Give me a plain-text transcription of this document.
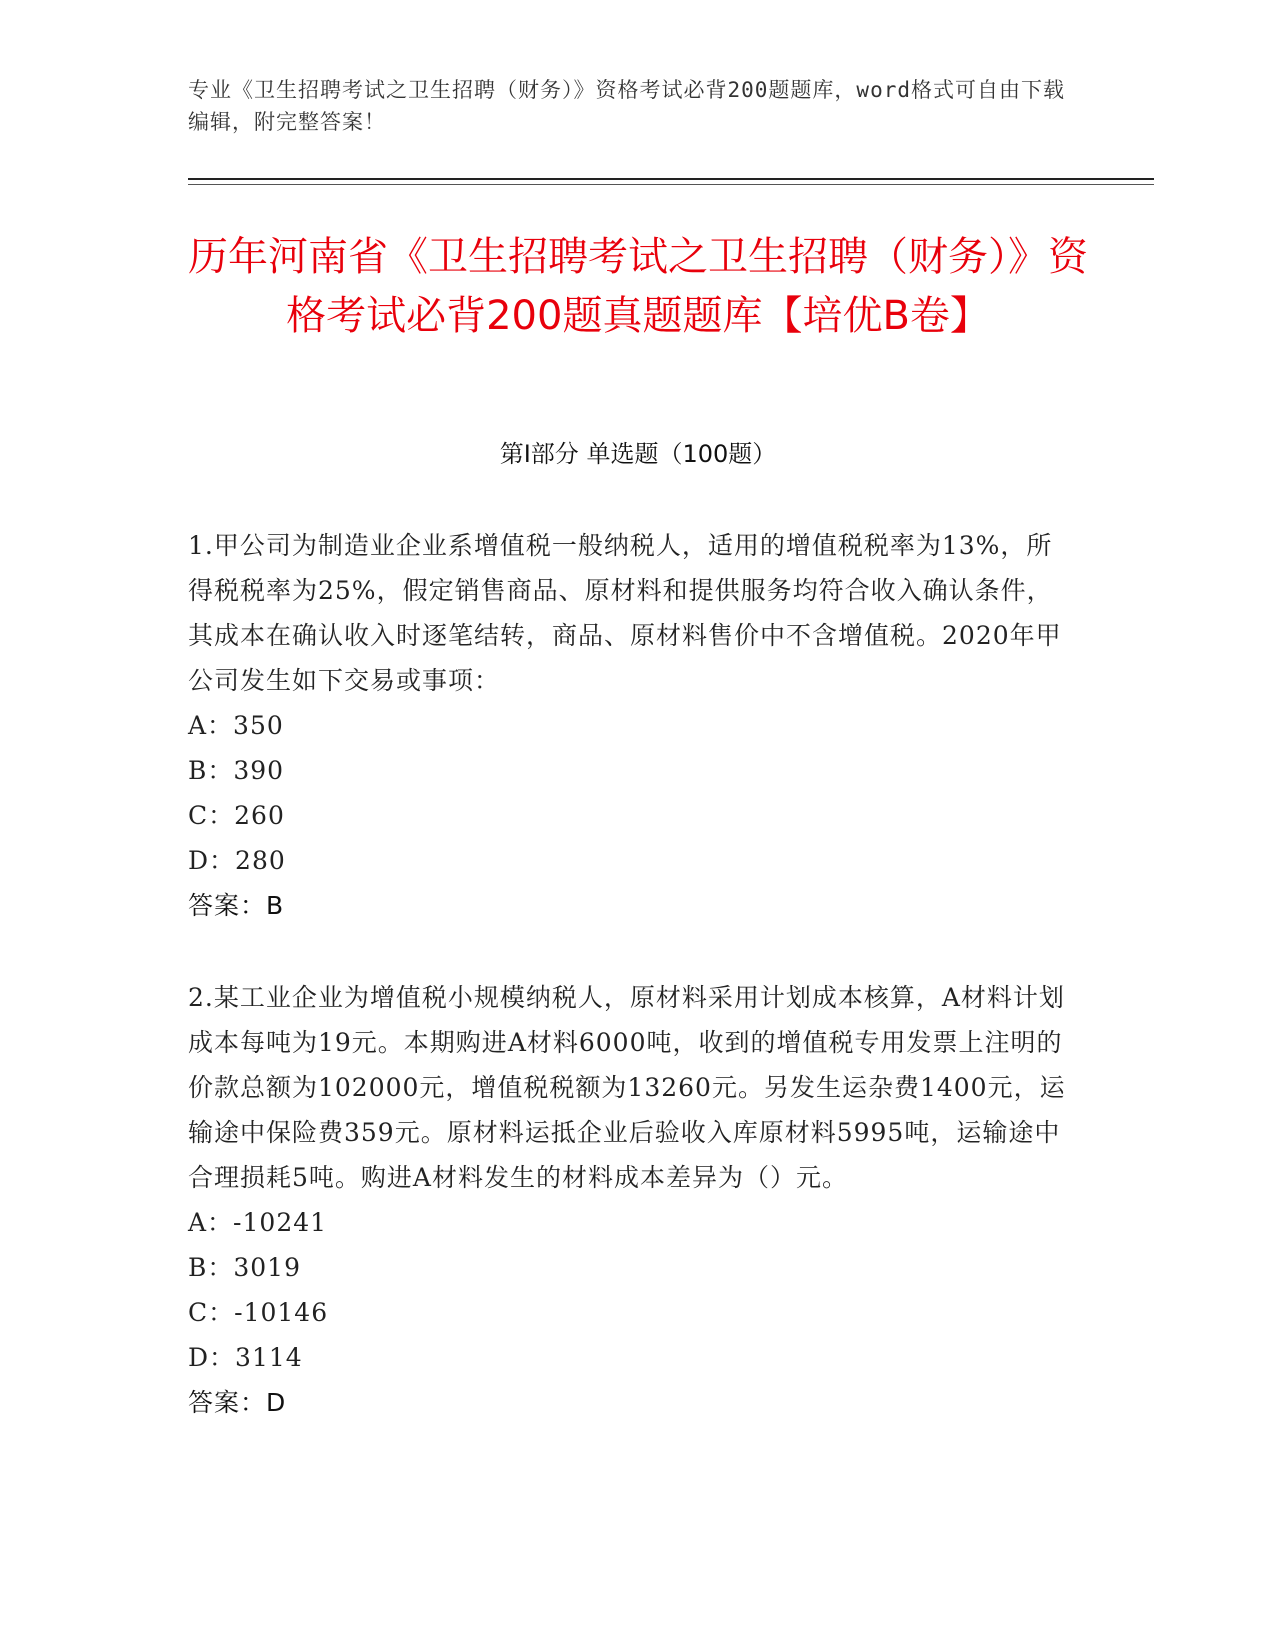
专业《卫生招聘考试之卫生招聘（财务）》资格考试必背200题题库，word格式可自由下载编辑，附完整答案！
历年河南省《卫生招聘考试之卫生招聘（财务）》资格考试必背200题真题题库【培优B卷】
第I部分 单选题（100题）

1.甲公司为制造业企业系增值税一般纳税人，适用的增值税税率为13%，所得税税率为25%，假定销售商品、原材料和提供服务均符合收入确认条件，其成本在确认收入时逐笔结转，商品、原材料售价中不含增值税。2020年甲公司发生如下交易或事项：

A：350

B：390

C：260

D：280

答案：B

2.某工业企业为增值税小规模纳税人，原材料采用计划成本核算，A材料计划成本每吨为19元。本期购进A材料6000吨，收到的增值税专用发票上注明的价款总额为102000元，增值税税额为13260元。另发生运杂费1400元，运输途中保险费359元。原材料运抵企业后验收入库原材料5995吨，运输途中合理损耗5吨。购进A材料发生的材料成本差异为（）元。

A：-10241

B：3019

C：-10146

D：3114

答案：D
